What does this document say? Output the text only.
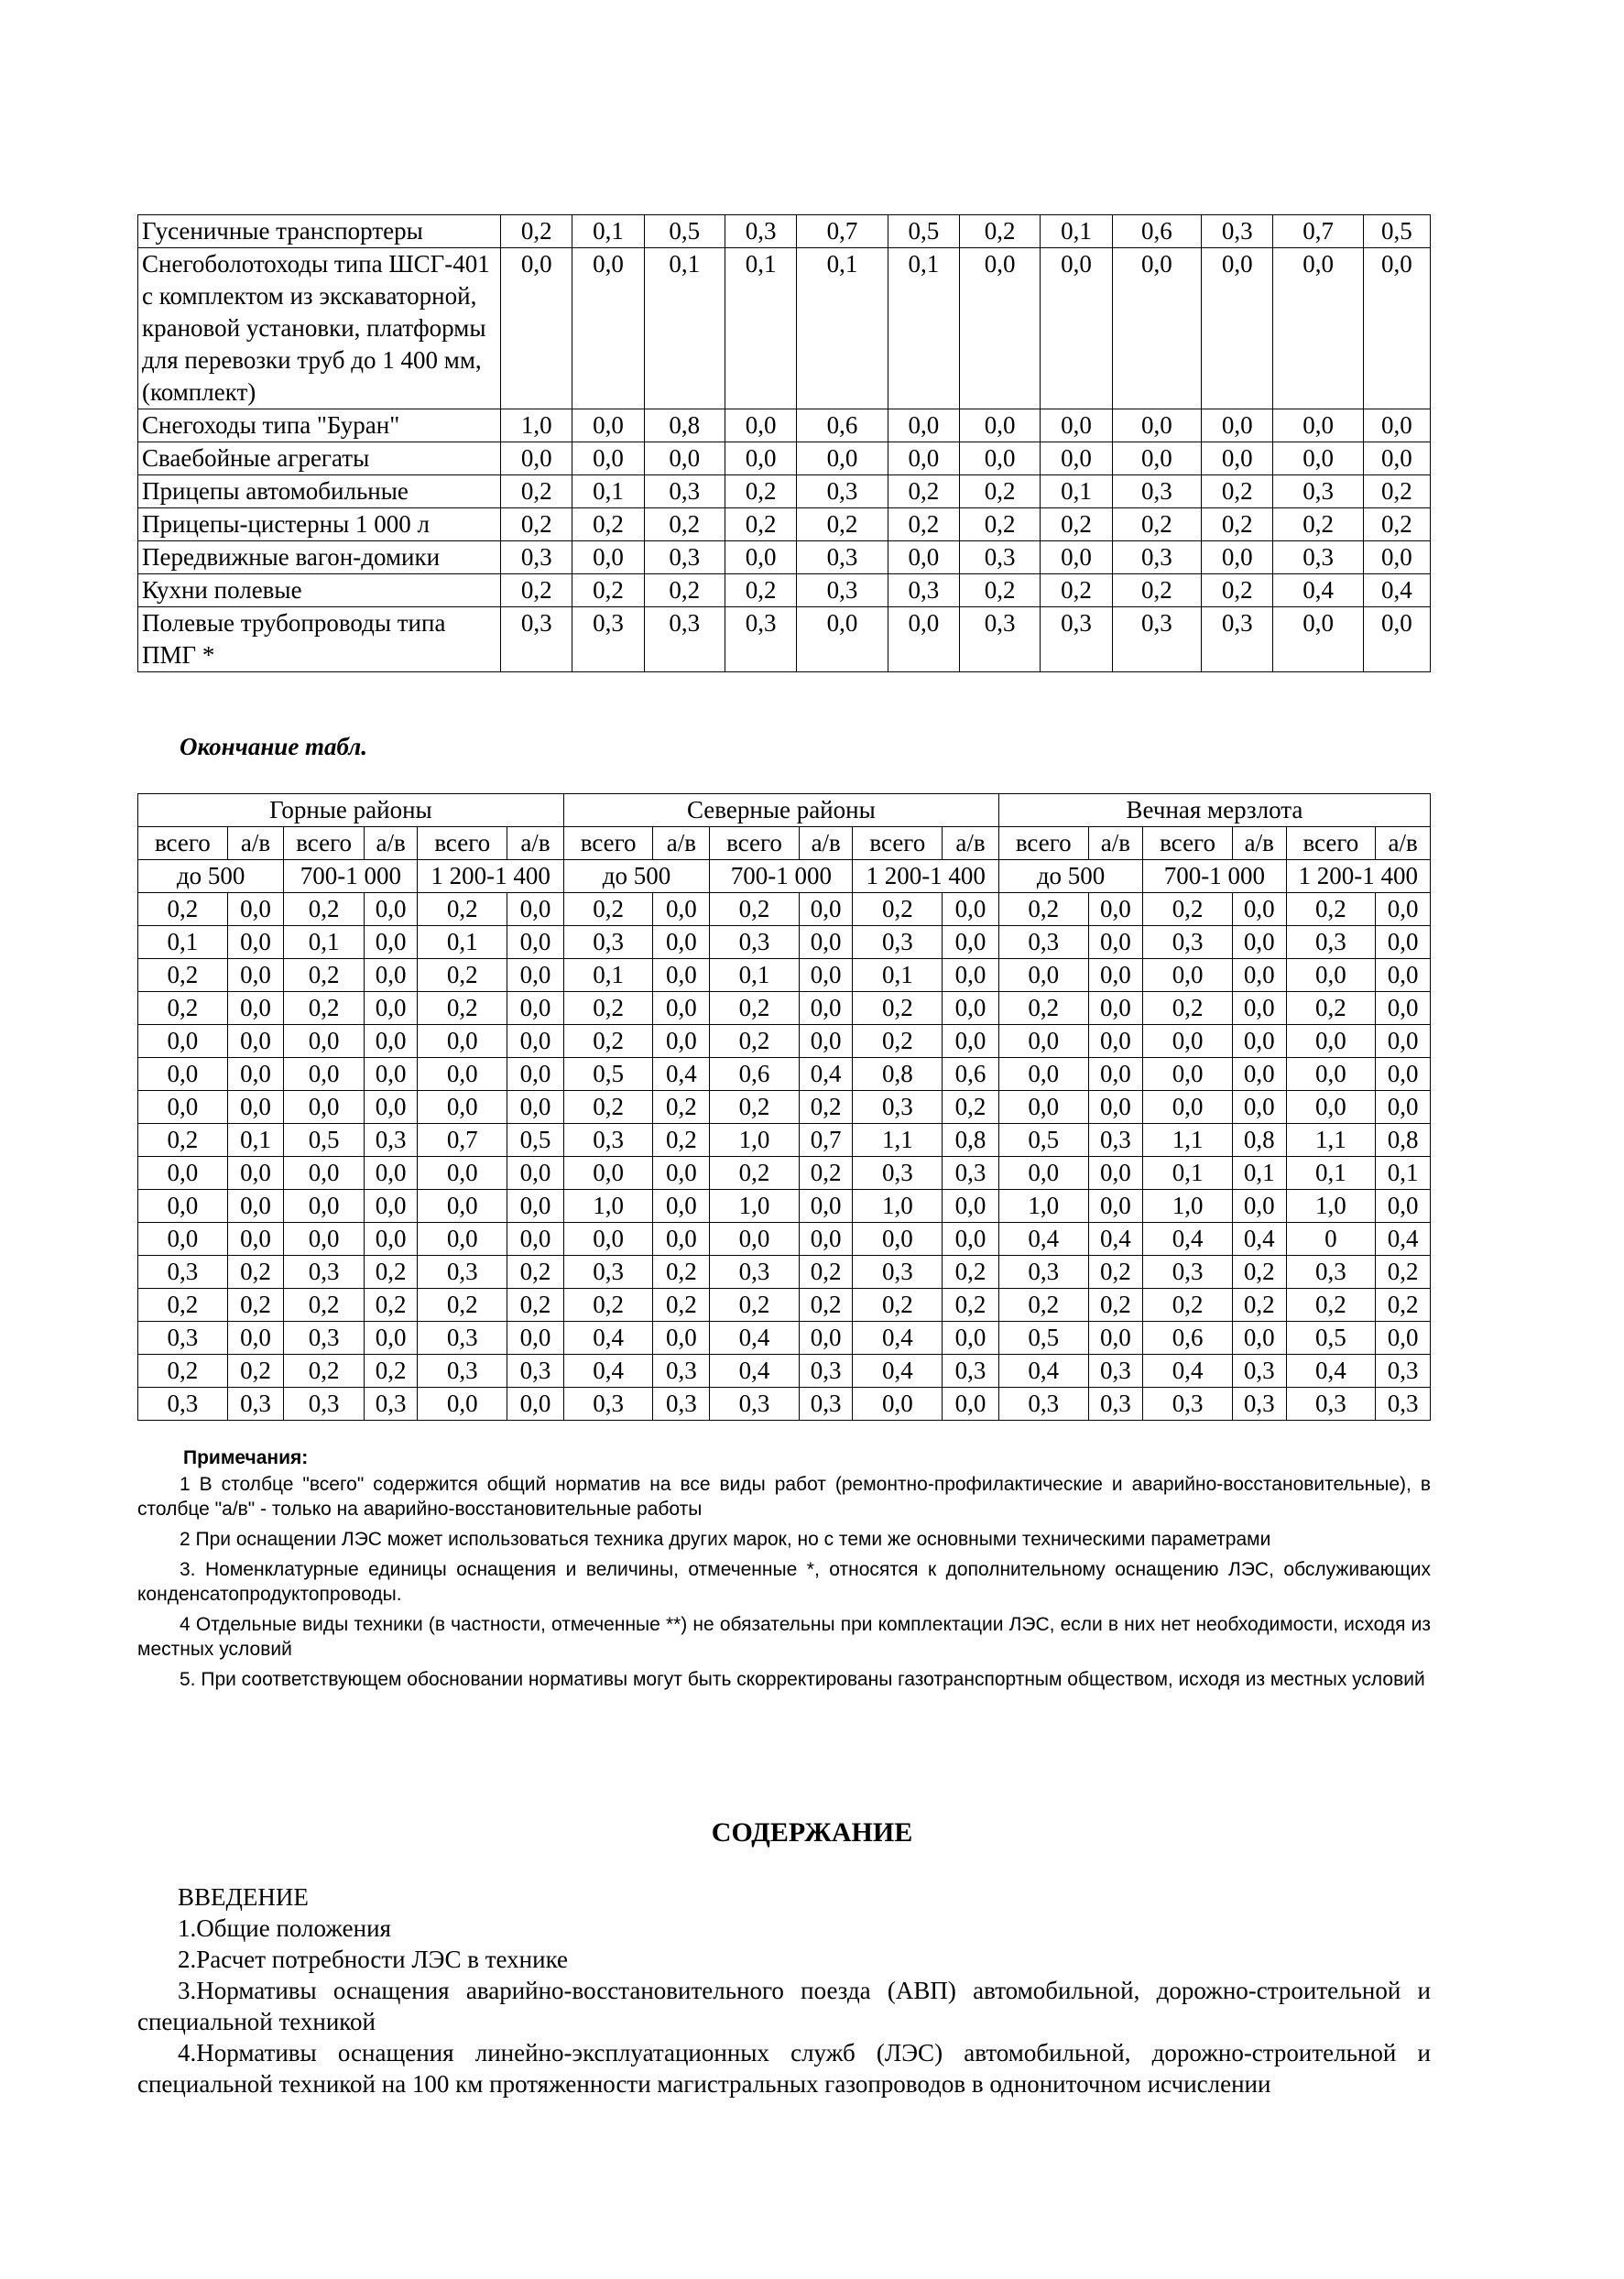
Гусеничные транспортеры	0,2	0,1	0,5	0,3	0,7	0,5	0,2	0,1	0,6	0,3	0,7	0,5
Снегоболотоходы типа ШСГ-401 с комплектом из экскаваторной, крановой установки, платформы для перевозки труб до 1 400 мм, (комплект)	0,0	0,0	0,1	0,1	0,1	0,1	0,0	0,0	0,0	0,0	0,0	0,0
Снегоходы типа "Буран"	1,0	0,0	0,8	0,0	0,6	0,0	0,0	0,0	0,0	0,0	0,0	0,0
Сваебойные агрегаты	0,0	0,0	0,0	0,0	0,0	0,0	0,0	0,0	0,0	0,0	0,0	0,0
Прицепы автомобильные	0,2	0,1	0,3	0,2	0,3	0,2	0,2	0,1	0,3	0,2	0,3	0,2
Прицепы-цистерны 1 000 л	0,2	0,2	0,2	0,2	0,2	0,2	0,2	0,2	0,2	0,2	0,2	0,2
Передвижные вагон-домики	0,3	0,0	0,3	0,0	0,3	0,0	0,3	0,0	0,3	0,0	0,3	0,0
Кухни полевые	0,2	0,2	0,2	0,2	0,3	0,3	0,2	0,2	0,2	0,2	0,4	0,4
Полевые трубопроводы типа ПМГ *	0,3	0,3	0,3	0,3	0,0	0,0	0,3	0,3	0,3	0,3	0,0	0,0
Окончание табл.
Горные районы						Северные районы						Вечная мерзлота					
всего	а/в	всего	а/в	всего	а/в	всего	а/в	всего	а/в	всего	а/в	всего	а/в	всего	а/в	всего	а/в
до 500		700-1 000		1 200-1 400		до 500		700-1 000		1 200-1 400		до 500		700-1 000		1 200-1 400	
0,2	0,0	0,2	0,0	0,2	0,0	0,2	0,0	0,2	0,0	0,2	0,0	0,2	0,0	0,2	0,0	0,2	0,0
0,1	0,0	0,1	0,0	0,1	0,0	0,3	0,0	0,3	0,0	0,3	0,0	0,3	0,0	0,3	0,0	0,3	0,0
0,2	0,0	0,2	0,0	0,2	0,0	0,1	0,0	0,1	0,0	0,1	0,0	0,0	0,0	0,0	0,0	0,0	0,0
0,2	0,0	0,2	0,0	0,2	0,0	0,2	0,0	0,2	0,0	0,2	0,0	0,2	0,0	0,2	0,0	0,2	0,0
0,0	0,0	0,0	0,0	0,0	0,0	0,2	0,0	0,2	0,0	0,2	0,0	0,0	0,0	0,0	0,0	0,0	0,0
0,0	0,0	0,0	0,0	0,0	0,0	0,5	0,4	0,6	0,4	0,8	0,6	0,0	0,0	0,0	0,0	0,0	0,0
0,0	0,0	0,0	0,0	0,0	0,0	0,2	0,2	0,2	0,2	0,3	0,2	0,0	0,0	0,0	0,0	0,0	0,0
0,2	0,1	0,5	0,3	0,7	0,5	0,3	0,2	1,0	0,7	1,1	0,8	0,5	0,3	1,1	0,8	1,1	0,8
0,0	0,0	0,0	0,0	0,0	0,0	0,0	0,0	0,2	0,2	0,3	0,3	0,0	0,0	0,1	0,1	0,1	0,1
0,0	0,0	0,0	0,0	0,0	0,0	1,0	0,0	1,0	0,0	1,0	0,0	1,0	0,0	1,0	0,0	1,0	0,0
0,0	0,0	0,0	0,0	0,0	0,0	0,0	0,0	0,0	0,0	0,0	0,0	0,4	0,4	0,4	0,4	0	0,4
0,3	0,2	0,3	0,2	0,3	0,2	0,3	0,2	0,3	0,2	0,3	0,2	0,3	0,2	0,3	0,2	0,3	0,2
0,2	0,2	0,2	0,2	0,2	0,2	0,2	0,2	0,2	0,2	0,2	0,2	0,2	0,2	0,2	0,2	0,2	0,2
0,3	0,0	0,3	0,0	0,3	0,0	0,4	0,0	0,4	0,0	0,4	0,0	0,5	0,0	0,6	0,0	0,5	0,0
0,2	0,2	0,2	0,2	0,3	0,3	0,4	0,3	0,4	0,3	0,4	0,3	0,4	0,3	0,4	0,3	0,4	0,3
0,3	0,3	0,3	0,3	0,0	0,0	0,3	0,3	0,3	0,3	0,0	0,0	0,3	0,3	0,3	0,3	0,3	0,3
Примечания:

1 В столбце "всего" содержится общий норматив на все виды работ (ремонтно-профилактические и аварийно-восстановительные), в столбце "а/в" - только на аварийно-восстановительные работы

2 При оснащении ЛЭС может использоваться техника других марок, но с теми же основными техническими параметрами

3. Номенклатурные единицы оснащения и величины, отмеченные *, относятся к дополнительному оснащению ЛЭС, обслуживающих конденсатопродуктопроводы.

4 Отдельные виды техники (в частности, отмеченные **) не обязательны при комплектации ЛЭС, если в них нет необходимости, исходя из местных условий

5. При соответствующем обосновании нормативы могут быть скорректированы газотранспортным обществом, исходя из местных условий

СОДЕРЖАНИЕ

ВВЕДЕНИЕ

1.Общие положения

2.Расчет потребности ЛЭС в технике

3.Нормативы оснащения аварийно-восстановительного поезда (АВП) автомобильной, дорожно-строительной и специальной техникой

4.Нормативы оснащения линейно-эксплуатационных служб (ЛЭС) автомобильной, дорожно-строительной и специальной техникой на 100 км протяженности магистральных газопроводов в однониточном исчислении
